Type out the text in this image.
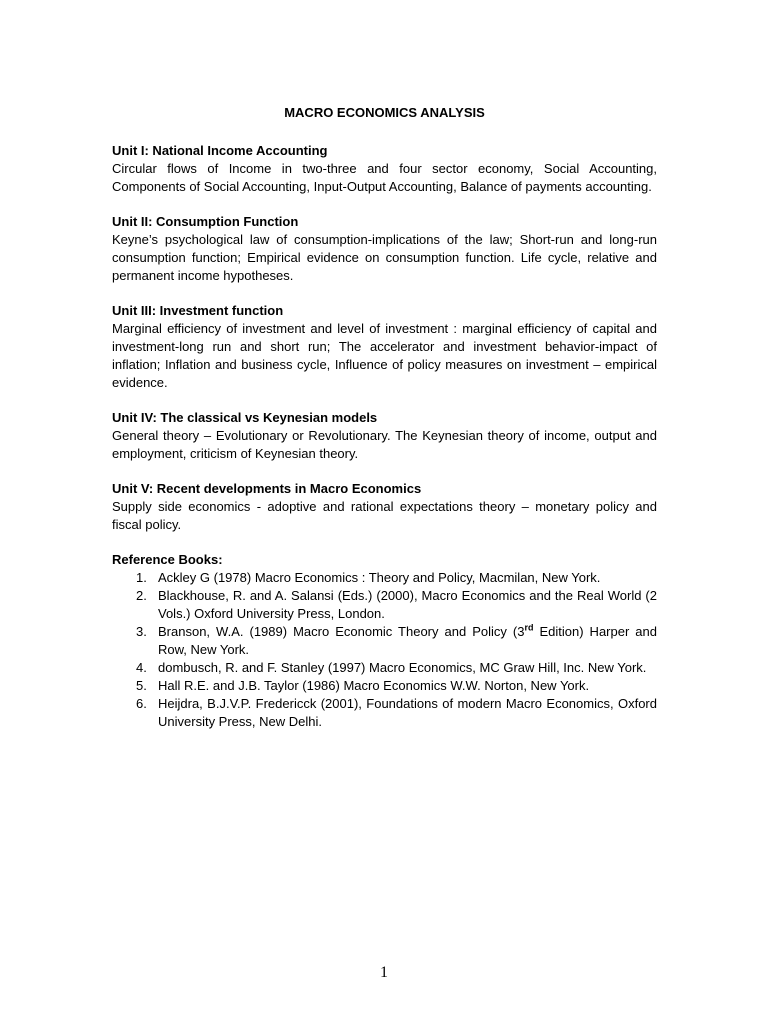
MACRO ECONOMICS ANALYSIS

Unit I: National Income Accounting

Circular flows of Income in two-three and four sector economy, Social Accounting, Components of Social Accounting, Input-Output Accounting, Balance of payments accounting.

Unit II: Consumption Function

Keyne’s psychological law of consumption-implications of the law; Short-run and long-run consumption function; Empirical evidence on consumption function. Life cycle, relative and permanent income hypotheses.

Unit III: Investment function

Marginal efficiency of investment and level of investment : marginal efficiency of capital and investment-long run and short run; The accelerator and investment behavior-impact of inflation; Inflation and business cycle, Influence of policy measures on investment – empirical evidence.

Unit IV: The classical vs Keynesian models

General theory – Evolutionary or Revolutionary. The Keynesian theory of income, output and employment, criticism of Keynesian theory.

Unit V: Recent developments in Macro Economics

Supply side economics - adoptive and rational expectations theory – monetary policy and fiscal policy.

Reference Books:

1. Ackley G (1978) Macro Economics : Theory and Policy, Macmilan, New York.
2. Blackhouse, R. and A. Salansi (Eds.) (2000), Macro Economics and the Real World (2 Vols.) Oxford University Press, London.
3. Branson, W.A. (1989) Macro Economic Theory and Policy (3rd Edition) Harper and Row, New York.
4. dombusch, R. and F. Stanley (1997) Macro Economics, MC Graw Hill, Inc. New York.
5. Hall R.E. and J.B. Taylor (1986) Macro Economics W.W. Norton, New York.
6. Heijdra, B.J.V.P. Fredericck (2001), Foundations of modern Macro Economics, Oxford University Press, New Delhi.
1
